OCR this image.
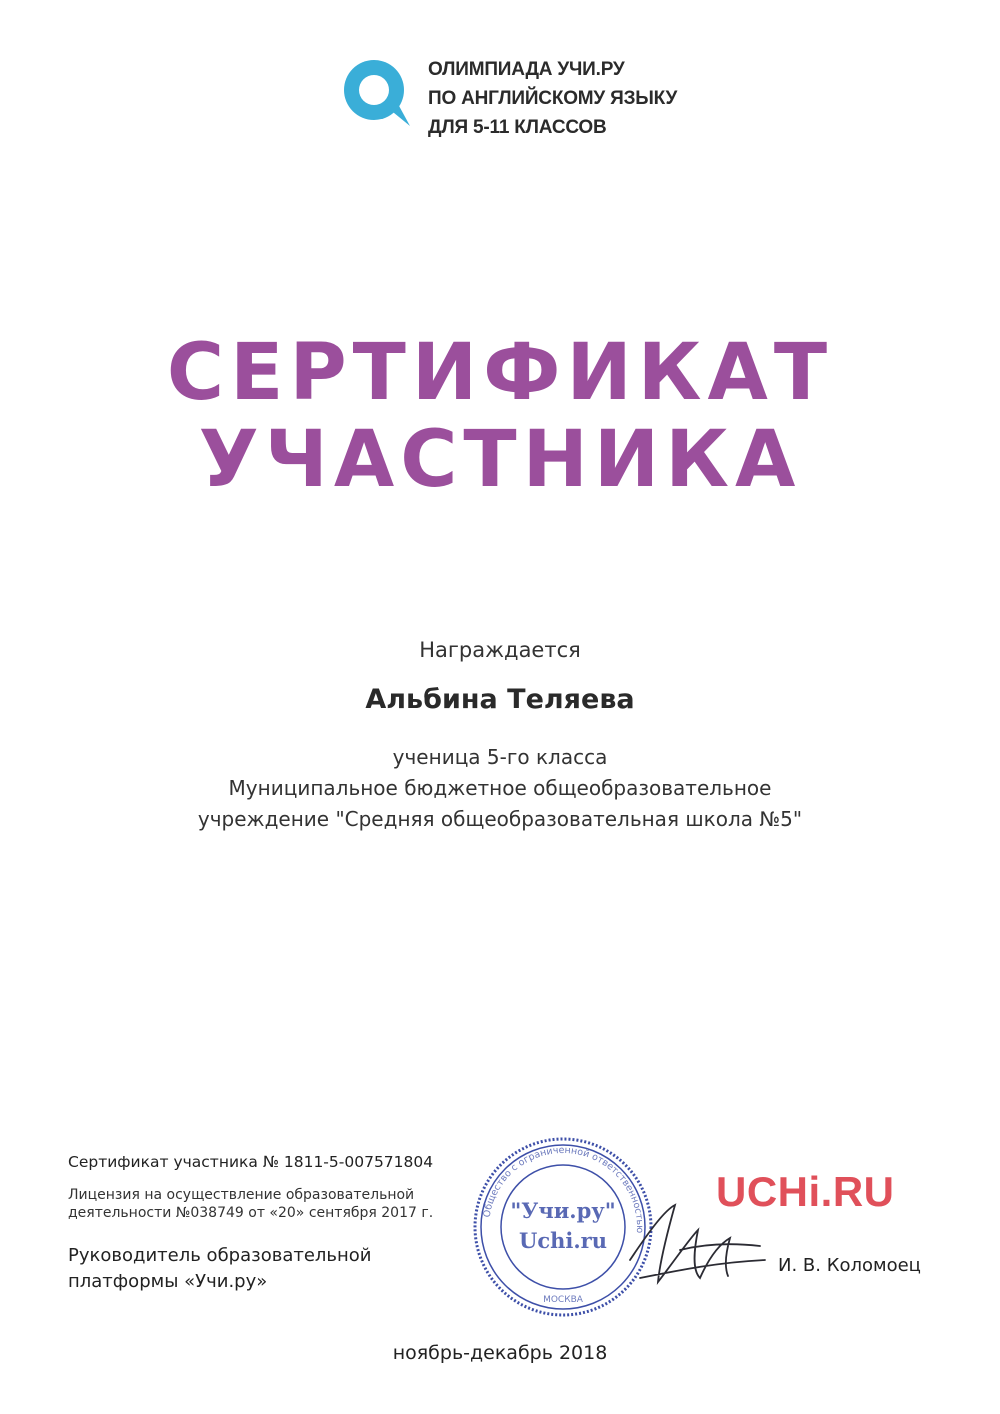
ОЛИМПИАДА УЧИ.РУ
ПО АНГЛИЙСКОМУ ЯЗЫКУ
ДЛЯ 5-11 КЛАССОВ
СЕРТИФИКАТ
УЧАСТНИКА
Награждается
Альбина Теляева
ученица 5-го класса
Муниципальное бюджетное общеобразовательное
учреждение "Средняя общеобразовательная школа №5"
Сертификат участника № 1811-5-007571804
Лицензия на осуществление образовательной
деятельности №038749 от «20» сентября 2017 г.
Руководитель образовательной
платформы «Учи.ру»
Общество с ограниченной ответственностью
МОСКВА
"Учи.ру"
Uchi.ru
UCHi.RU
И. В. Коломоец
ноябрь-декабрь 2018
